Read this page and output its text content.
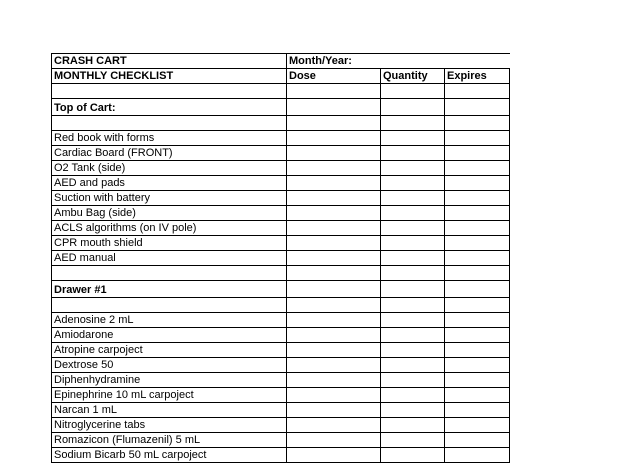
CRASH CART	Month/Year:		
MONTHLY CHECKLIST	Dose	Quantity	Expires

Top of Cart:			

Red book with forms			
Cardiac Board (FRONT)			
O2 Tank (side)			
AED and pads			
Suction with battery			
Ambu Bag (side)			
ACLS algorithms (on IV pole)			
CPR mouth shield			
AED manual			

Drawer #1			

Adenosine 2 mL			
Amiodarone			
Atropine carpoject			
Dextrose 50			
Diphenhydramine			
Epinephrine 10 mL carpoject			
Narcan 1 mL			
Nitroglycerine tabs			
Romazicon (Flumazenil) 5 mL			
Sodium Bicarb 50 mL carpoject			
